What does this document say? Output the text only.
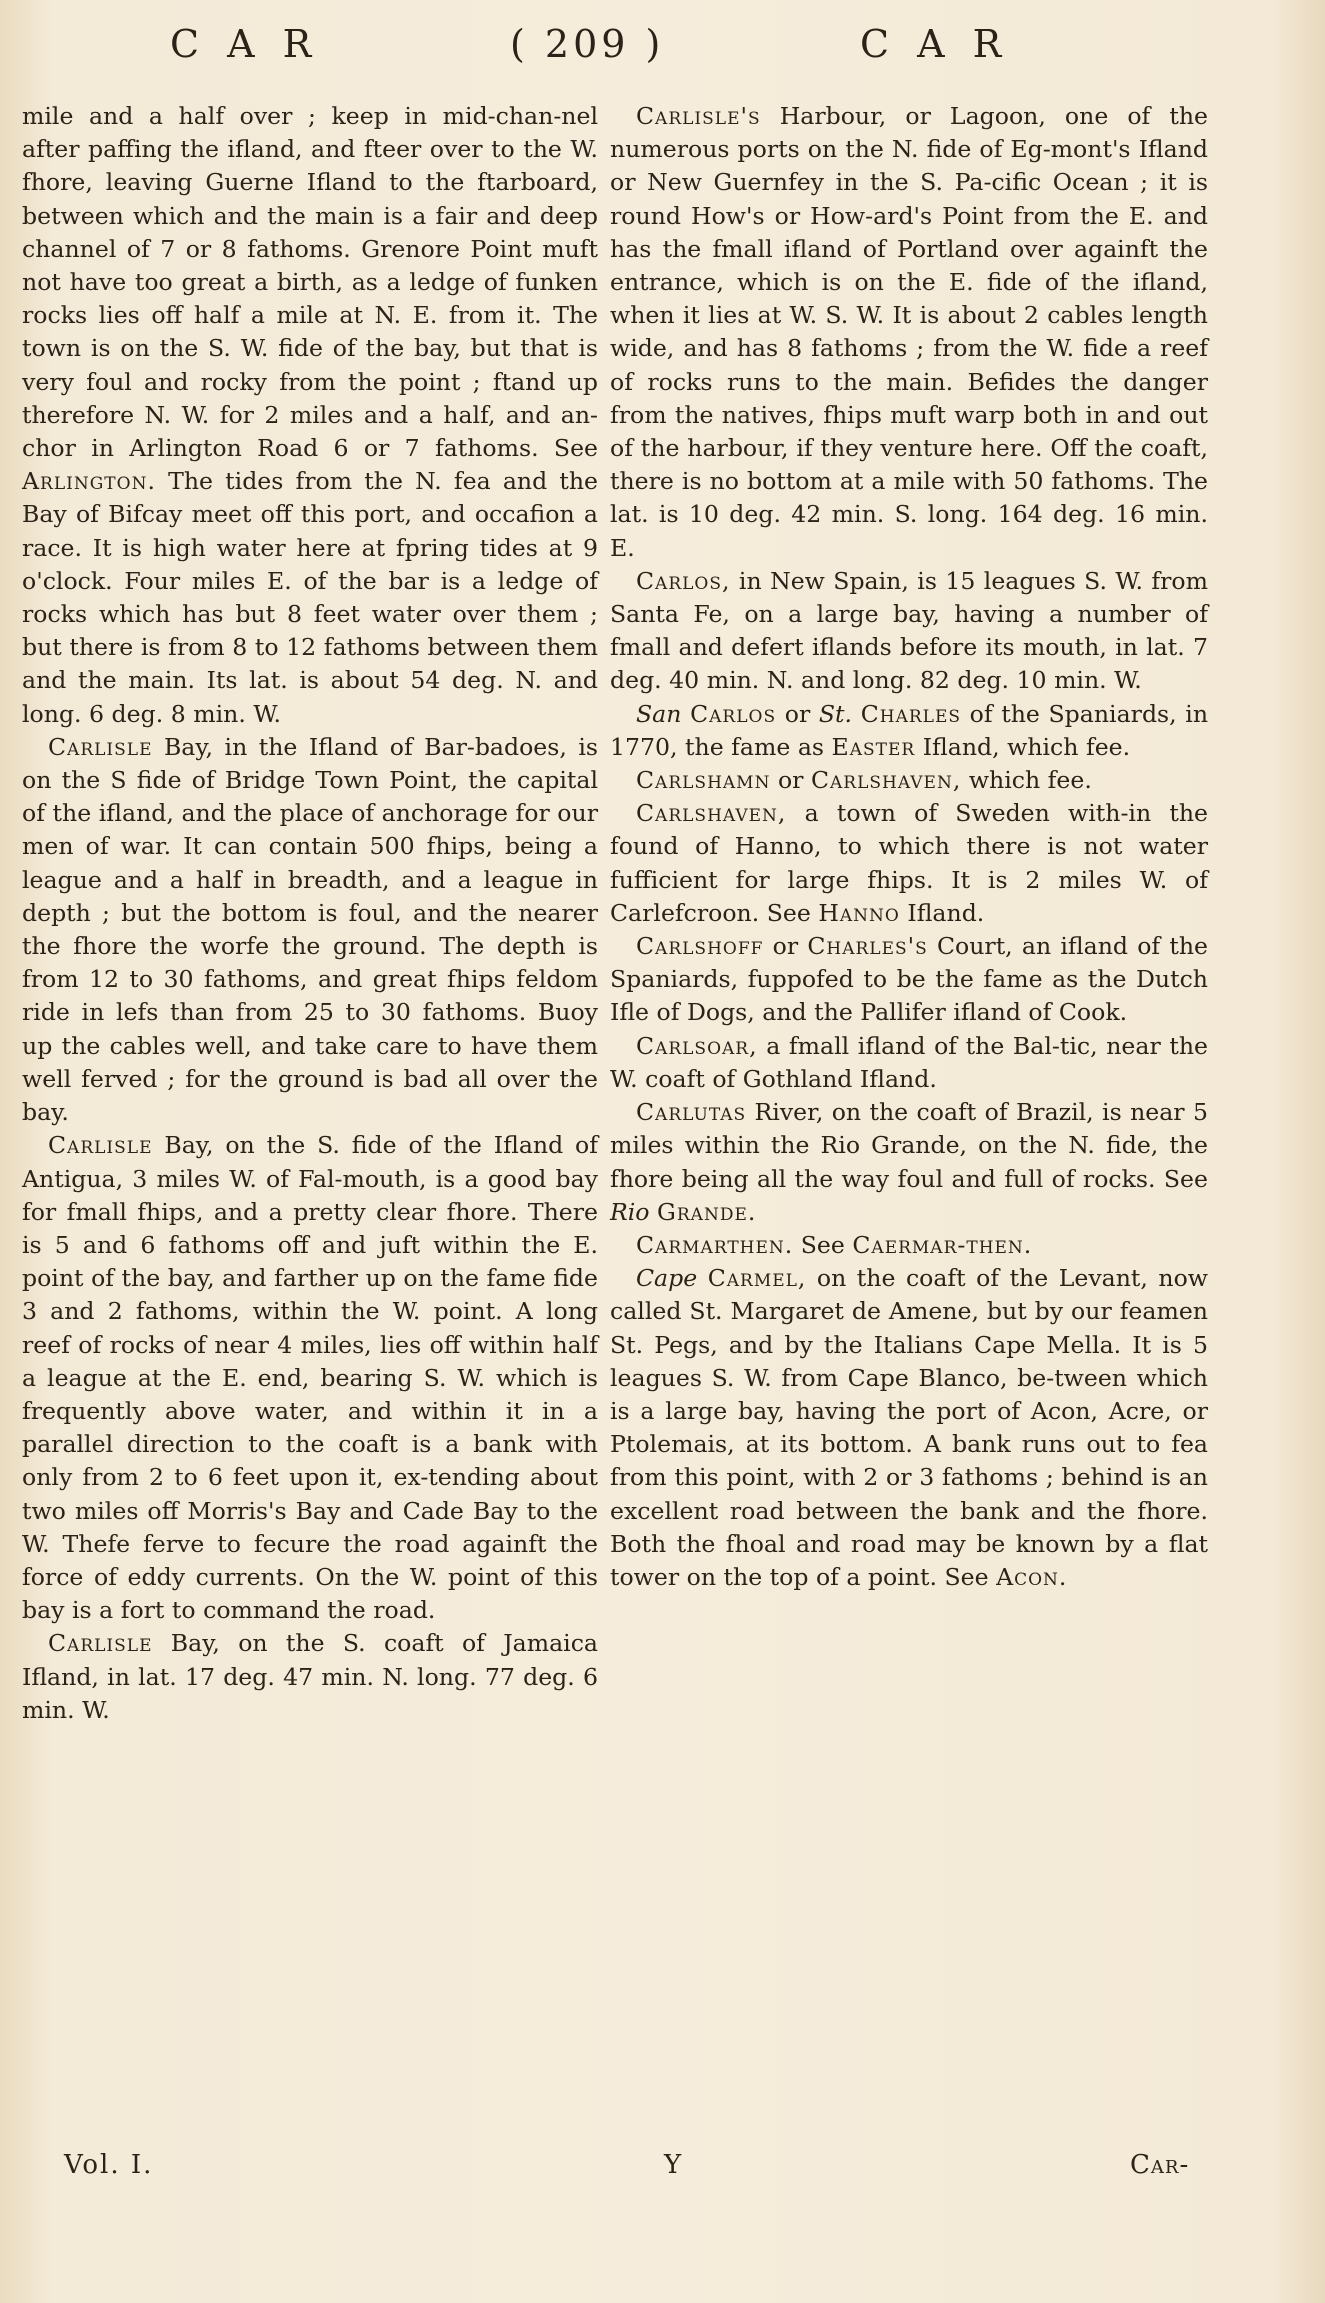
C A R	( 209 )	C A R

mile and a half over ; keep in mid-chan-nel after paffing the ifland, and fteer over to the W. fhore, leaving Guerne Ifland to the ftarboard, between which and the main is a fair and deep channel of 7 or 8 fathoms. Grenore Point muft not have too great a birth, as a ledge of funken rocks lies off half a mile at N. E. from it. The town is on the S. W. fide of the bay, but that is very foul and rocky from the point ; ftand up therefore N. W. for 2 miles and a half, and an-chor in Arlington Road 6 or 7 fathoms. See Arlington. The tides from the N. fea and the Bay of Bifcay meet off this port, and occafion a race. It is high water here at fpring tides at 9 o'clock. Four miles E. of the bar is a ledge of rocks which has but 8 feet water over them ; but there is from 8 to 12 fathoms between them and the main. Its lat. is about 54 deg. N. and long. 6 deg. 8 min. W.

Carlisle Bay, in the Ifland of Bar-badoes, is on the S fide of Bridge Town Point, the capital of the ifland, and the place of anchorage for our men of war. It can contain 500 fhips, being a league and a half in breadth, and a league in depth ; but the bottom is foul, and the nearer the fhore the worfe the ground. The depth is from 12 to 30 fathoms, and great fhips feldom ride in lefs than from 25 to 30 fathoms. Buoy up the cables well, and take care to have them well ferved ; for the ground is bad all over the bay.

Carlisle Bay, on the S. fide of the Ifland of Antigua, 3 miles W. of Fal-mouth, is a good bay for fmall fhips, and a pretty clear fhore. There is 5 and 6 fathoms off and juft within the E. point of the bay, and farther up on the fame fide 3 and 2 fathoms, within the W. point. A long reef of rocks of near 4 miles, lies off within half a league at the E. end, bearing S. W. which is frequently above water, and within it in a parallel direction to the coaft is a bank with only from 2 to 6 feet upon it, ex-tending about two miles off Morris's Bay and Cade Bay to the W. Thefe ferve to fecure the road againft the force of eddy currents. On the W. point of this bay is a fort to command the road.

Carlisle Bay, on the S. coaft of Jamaica Ifland, in lat. 17 deg. 47 min. N. long. 77 deg. 6 min. W.

Carlisle's Harbour, or Lagoon, one of the numerous ports on the N. fide of Eg-mont's Ifland or New Guernfey in the S. Pa-cific Ocean ; it is round How's or How-ard's Point from the E. and has the fmall ifland of Portland over againft the entrance, which is on the E. fide of the ifland, when it lies at W. S. W. It is about 2 cables length wide, and has 8 fathoms ; from the W. fide a reef of rocks runs to the main. Befides the danger from the natives, fhips muft warp both in and out of the harbour, if they venture here. Off the coaft, there is no bottom at a mile with 50 fathoms. The lat. is 10 deg. 42 min. S. long. 164 deg. 16 min. E.

Carlos, in New Spain, is 15 leagues S. W. from Santa Fe, on a large bay, having a number of fmall and defert iflands before its mouth, in lat. 7 deg. 40 min. N. and long. 82 deg. 10 min. W.

San Carlos or St. Charles of the Spaniards, in 1770, the fame as Easter Ifland, which fee.

Carlshamn or Carlshaven, which fee.

Carlshaven, a town of Sweden with-in the found of Hanno, to which there is not water fufficient for large fhips. It is 2 miles W. of Carlefcroon. See Hanno Ifland.

Carlshoff or Charles's Court, an ifland of the Spaniards, fuppofed to be the fame as the Dutch Ifle of Dogs, and the Pallifer ifland of Cook.

Carlsoar, a fmall ifland of the Bal-tic, near the W. coaft of Gothland Ifland.

Carlutas River, on the coaft of Brazil, is near 5 miles within the Rio Grande, on the N. fide, the fhore being all the way foul and full of rocks. See Rio Grande.

Carmarthen. See Caermar-then.

Cape Carmel, on the coaft of the Levant, now called St. Margaret de Amene, but by our feamen St. Pegs, and by the Italians Cape Mella. It is 5 leagues S. W. from Cape Blanco, be-tween which is a large bay, having the port of Acon, Acre, or Ptolemais, at its bottom. A bank runs out to fea from this point, with 2 or 3 fathoms ; behind is an excellent road between the bank and the fhore. Both the fhoal and road may be known by a flat tower on the top of a point. See Acon.

Vol. I.	Y	Car-
